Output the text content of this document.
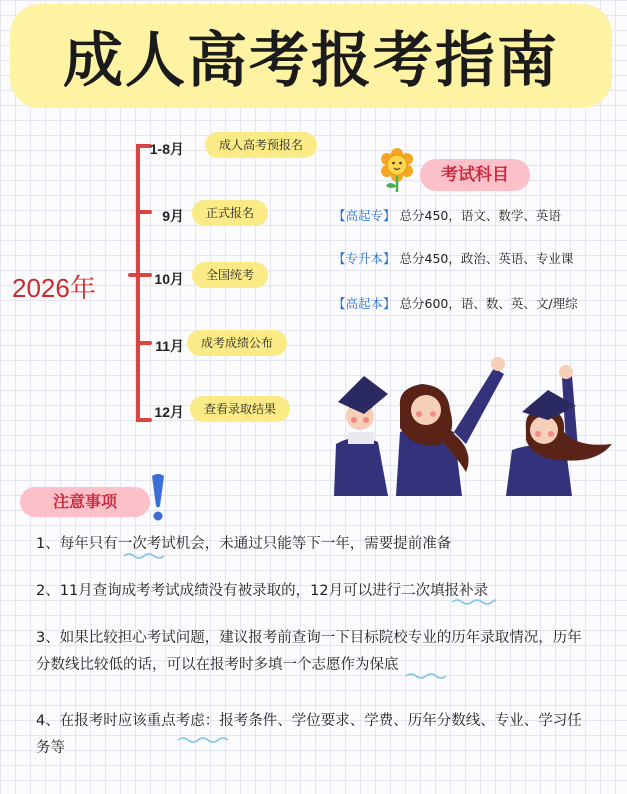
成人高考报考指南
2026年
1-8月	成人高考预报名
9月	正式报名
10月	全国统考
11月	成考成绩公布
12月	查看录取结果
考试科目
【高起专】 总分450，语文、数学、英语
【专升本】 总分450，政治、英语、专业课
【高起本】 总分600，语、数、英、文/理综
注意事项
1、每年只有一次考试机会，未通过只能等下一年，需要提前准备
2、11月查询成考考试成绩没有被录取的，12月可以进行二次填报补录
3、如果比较担心考试问题，建议报考前查询一下目标院校专业的历年录取情况，历年分数线比较低的话，可以在报考时多填一个志愿作为保底
4、在报考时应该重点考虑：报考条件、学位要求、学费、历年分数线、专业、学习任务等
